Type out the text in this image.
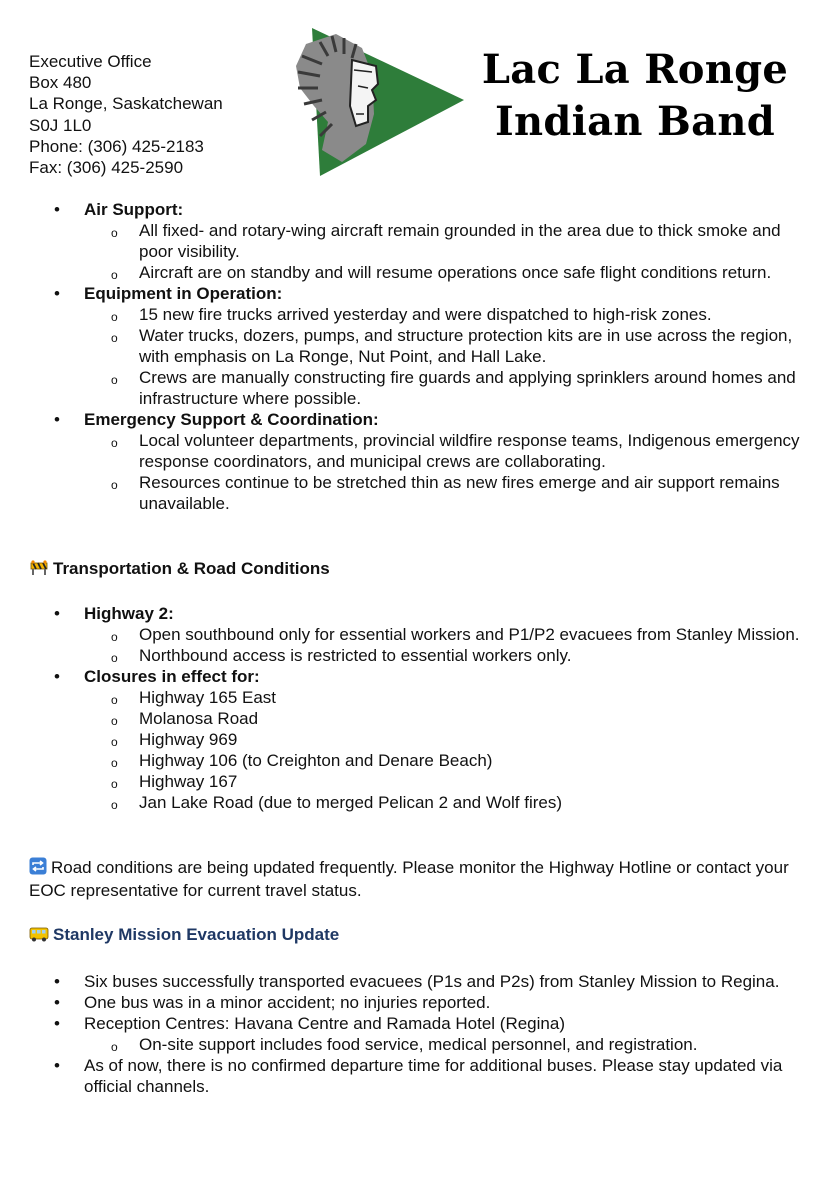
Executive Office
Box 480
La Ronge, Saskatchewan
S0J 1L0
Phone: (306) 425-2183
Fax: (306) 425-2590
Lac La Ronge
Indian Band
• Air Support:
o All fixed- and rotary-wing aircraft remain grounded in the area due to thick smoke and poor visibility.
o Aircraft are on standby and will resume operations once safe flight conditions return.
• Equipment in Operation:
o 15 new fire trucks arrived yesterday and were dispatched to high-risk zones.
o Water trucks, dozers, pumps, and structure protection kits are in use across the region, with emphasis on La Ronge, Nut Point, and Hall Lake.
o Crews are manually constructing fire guards and applying sprinklers around homes and infrastructure where possible.
• Emergency Support & Coordination:
o Local volunteer departments, provincial wildfire response teams, Indigenous emergency response coordinators, and municipal crews are collaborating.
o Resources continue to be stretched thin as new fires emerge and air support remains unavailable.
Transportation & Road Conditions
• Highway 2:
o Open southbound only for essential workers and P1/P2 evacuees from Stanley Mission.
o Northbound access is restricted to essential workers only.
• Closures in effect for:
o Highway 165 East
o Molanosa Road
o Highway 969
o Highway 106 (to Creighton and Denare Beach)
o Highway 167
o Jan Lake Road (due to merged Pelican 2 and Wolf fires)
Road conditions are being updated frequently. Please monitor the Highway Hotline or contact your EOC representative for current travel status.
Stanley Mission Evacuation Update
• Six buses successfully transported evacuees (P1s and P2s) from Stanley Mission to Regina.
• One bus was in a minor accident; no injuries reported.
• Reception Centres: Havana Centre and Ramada Hotel (Regina)
o On-site support includes food service, medical personnel, and registration.
• As of now, there is no confirmed departure time for additional buses. Please stay updated via official channels.
